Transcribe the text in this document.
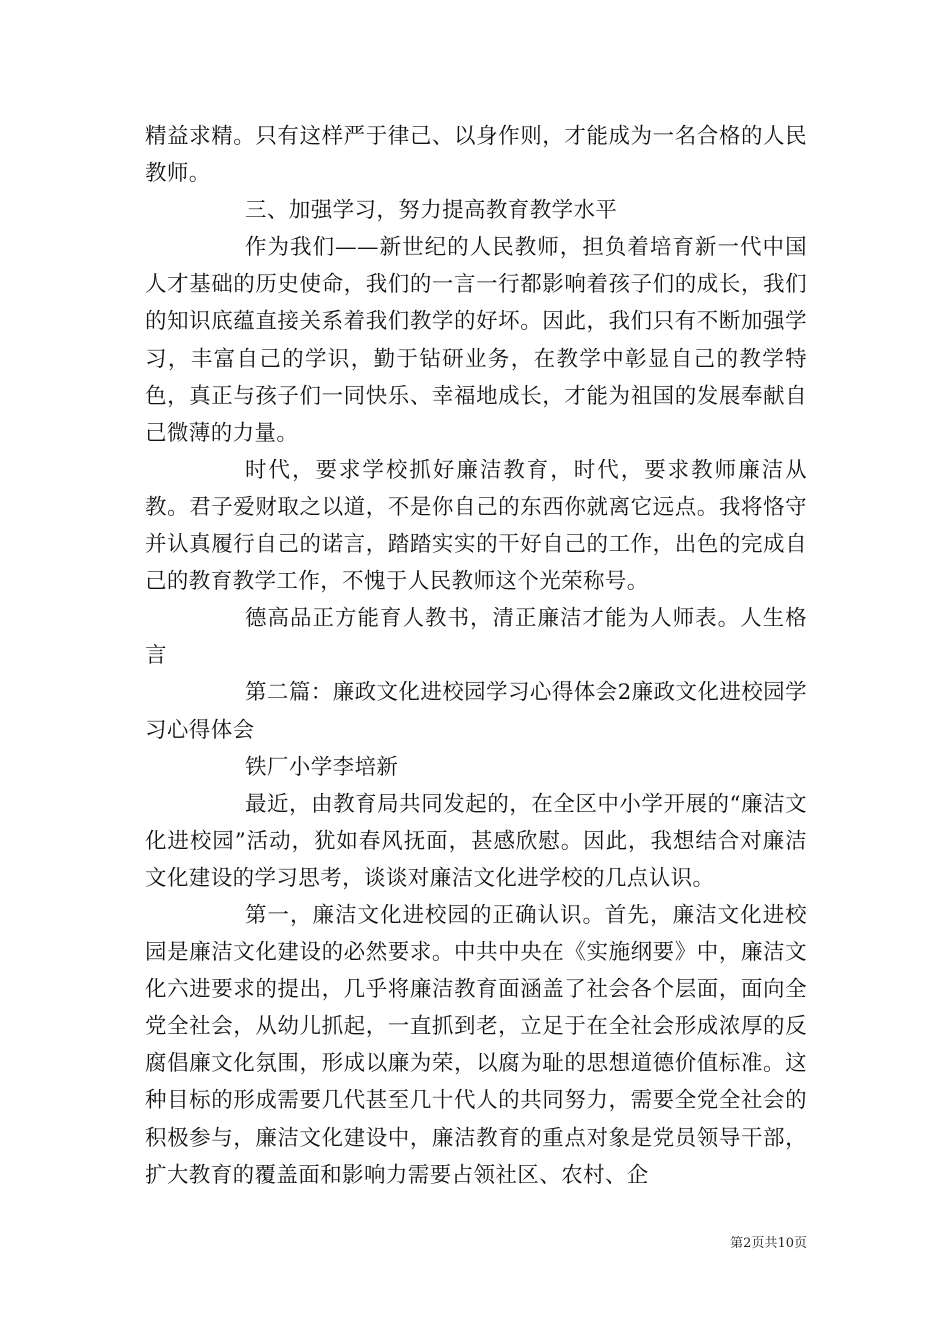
精益求精。只有这样严于律己、以身作则，才能成为一名合格的人民教师。

三、加强学习，努力提高教育教学水平

作为我们——新世纪的人民教师，担负着培育新一代中国人才基础的历史使命，我们的一言一行都影响着孩子们的成长，我们的知识底蕴直接关系着我们教学的好坏。因此，我们只有不断加强学习，丰富自己的学识，勤于钻研业务，在教学中彰显自己的教学特色，真正与孩子们一同快乐、幸福地成长，才能为祖国的发展奉献自己微薄的力量。

时代，要求学校抓好廉洁教育，时代，要求教师廉洁从教。君子爱财取之以道，不是你自己的东西你就离它远点。我将恪守并认真履行自己的诺言，踏踏实实的干好自己的工作，出色的完成自己的教育教学工作，不愧于人民教师这个光荣称号。

德高品正方能育人教书，清正廉洁才能为人师表。人生格言

第二篇：廉政文化进校园学习心得体会2廉政文化进校园学习心得体会

铁厂小学李培新

最近，由教育局共同发起的，在全区中小学开展的“廉洁文化进校园”活动，犹如春风抚面，甚感欣慰。因此，我想结合对廉洁文化建设的学习思考，谈谈对廉洁文化进学校的几点认识。

第一，廉洁文化进校园的正确认识。首先，廉洁文化进校园是廉洁文化建设的必然要求。中共中央在《实施纲要》中，廉洁文化六进要求的提出，几乎将廉洁教育面涵盖了社会各个层面，面向全党全社会，从幼儿抓起，一直抓到老，立足于在全社会形成浓厚的反腐倡廉文化氛围，形成以廉为荣，以腐为耻的思想道德价值标准。这种目标的形成需要几代甚至几十代人的共同努力，需要全党全社会的积极参与，廉洁文化建设中，廉洁教育的重点对象是党员领导干部，扩大教育的覆盖面和影响力需要占领社区、农村、企

第2页共10页
